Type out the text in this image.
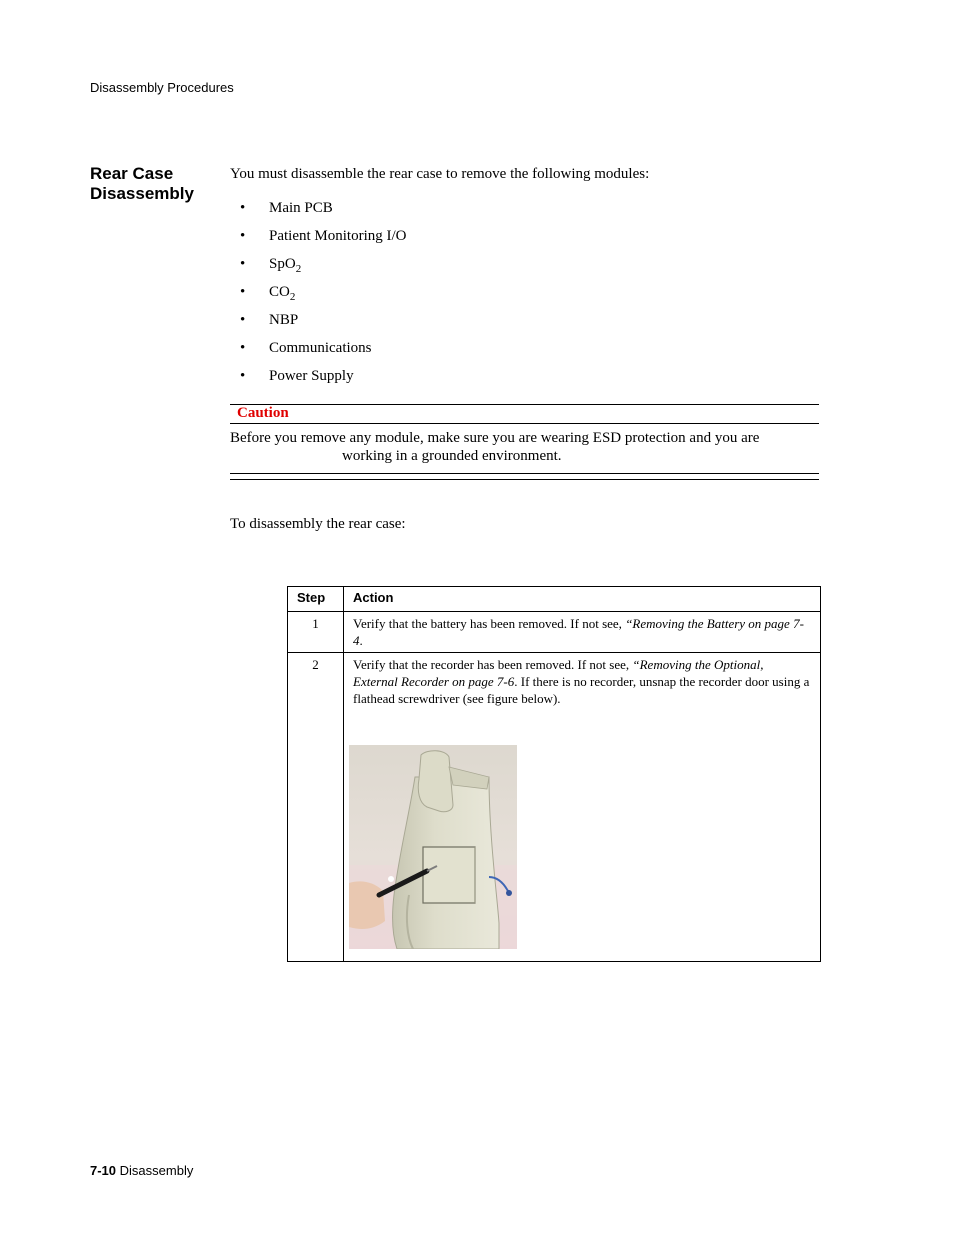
Disassembly Procedures
Rear Case
Disassembly
You must disassemble the rear case to remove the following modules:
• Main PCB
• Patient Monitoring I/O
• SpO$_2$
• $CO_2$
• NBP
• Communications
• Power Supply
Caution
Before you remove any module, make sure you are wearing ESD protection and you are
working in a grounded environment.
To disassembly the rear case:
Step	Action
1	Verify that the battery has been removed. If not see, “Removing the Battery on page 7-4.
2	Verify that the recorder has been removed. If not see, “Removing the Optional, External Recorder on page 7-6. If there is no recorder, unsnap the recorder door using a flathead screwdriver (see figure below).
7-10 Disassembly
